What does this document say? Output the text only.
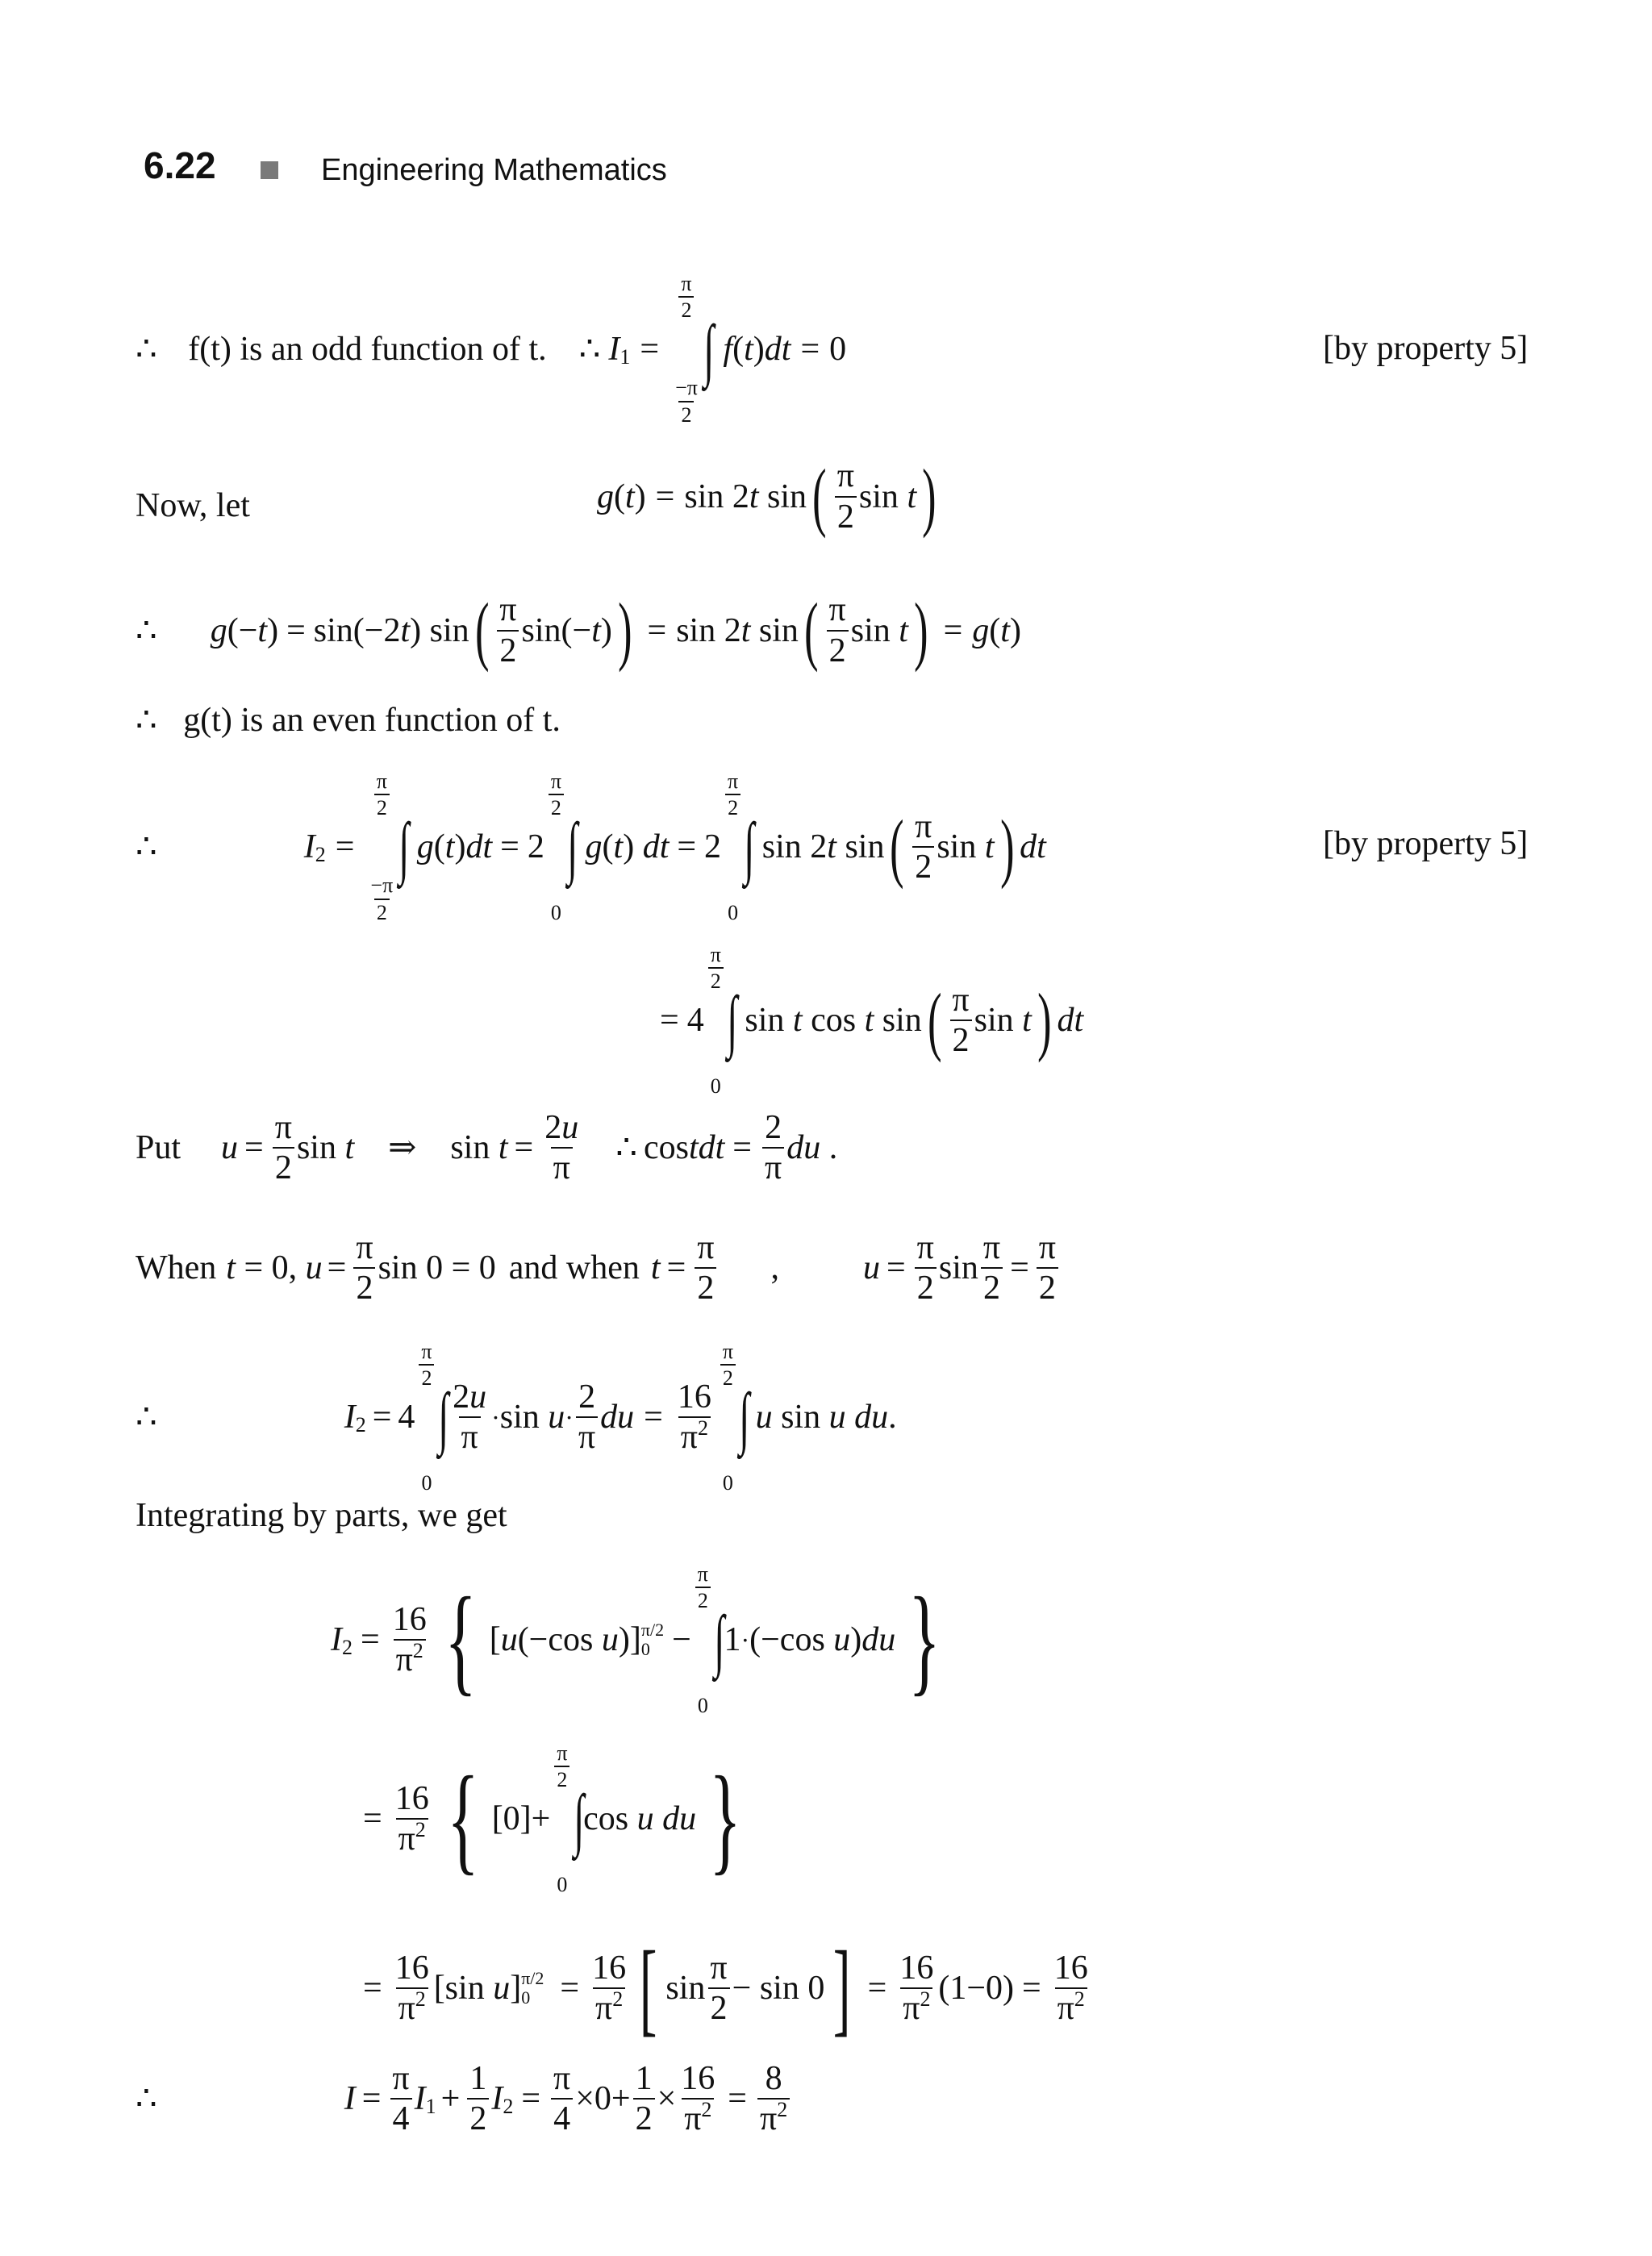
6.22	Engineering Mathematics
∴
f(t) is an odd function of t. ∴ I 1 =
π
2
−π
2
∫ f ( t ) dt = 0	[by property 5]
Now, let	g ( t ) = sin 2 t sin ( π
2
sin t )
∴ g (− t ) = sin(−2 t ) sin ( π
2
sin(− t ) ) = sin 2 t sin ( π
2
sin t ) = g ( t )
∴ g(t) is an even function of t.
∴	I 2 =
π
2
−π
2
∫ g ( t ) dt = 2
π
2
0
∫ g ( t ) dt = 2
π
2
0
∫ sin 2t sin ( π
2
sin t ) dt	[by property 5]
= 4
π
2
0
∫ sin t cos t sin ( π
2
sin t ) dt
Put $u = \frac{\pi}{2}$ sin t ⇒ $\sin t = \frac{2u}{\pi}$ ∴ costdt = $\frac{2}{\pi}$ du .
When t = 0, $u = \frac{\pi}{2}$ sin 0 = 0 and when $t = \frac{\pi}{2}$ , $u = \frac{\pi}{2}$ $\sin \frac{\pi}{2} = \frac{\pi}{2}$
∴	I 2 = 4
π
2
0
∫ 2u
π
· sin u ·
2
π
du = $\frac{16}{\pi^2}$
π
2
0
∫ u sin u
du .
Integrating by parts, we get
I $2 = \frac{16}{\pi^2}$ { [ u (−cos u )] π/2
0 −
π
2
0
∫ 1 · (−cos u ) du }
= $\frac{16}{\pi^2}$ { [0]+
π
2
0
∫ cos u
du }
= $\frac{16}{\pi^2} [\sin$ u ] π/2
$0 = \frac{16}{\pi^2}$ [ sin
π
2
− sin 0 ] = $\frac{16}{\pi^2} (1-0) = \frac{16}{\pi^2}$
∴	$I = \frac{\pi}{4}$ I $1 + \frac{1}{2}$ I $2 = \frac{\pi}{4} \times 0+ \frac{1}{2} \times \frac{16}{\pi^2} = \frac{8}{\pi^2}$
